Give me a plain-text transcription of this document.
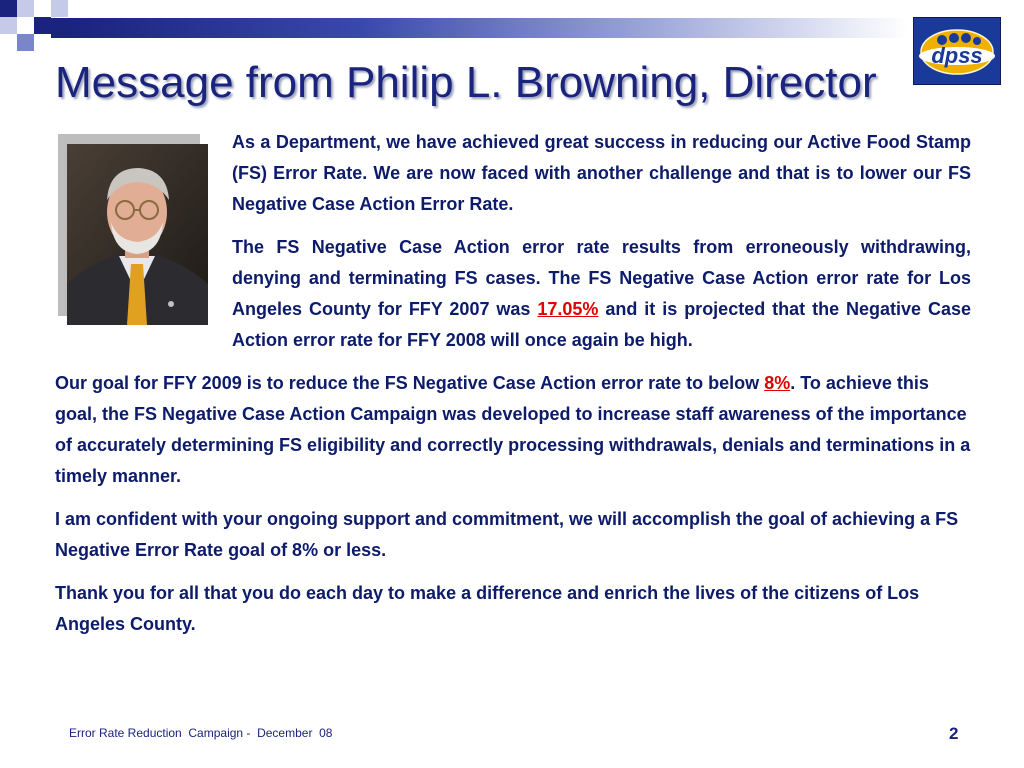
dpss
Message from Philip L. Browning, Director

As a Department, we have achieved great success in reducing our Active Food Stamp (FS) Error Rate. We are now faced with another challenge and that is to lower our FS Negative Case Action Error Rate.

The FS Negative Case Action error rate results from erroneously withdrawing, denying and terminating FS cases. The FS Negative Case Action error rate for Los Angeles County for FFY 2007 was 17.05% and it is projected that the Negative Case Action error rate for FFY 2008 will once again be high.

Our goal for FFY 2009 is to reduce the FS Negative Case Action error rate to below 8%. To achieve this goal, the FS Negative Case Action Campaign was developed to increase staff awareness of the importance of accurately determining FS eligibility and correctly processing withdrawals, denials and terminations in a timely manner.

I am confident with your ongoing support and commitment, we will accomplish the goal of achieving a FS Negative Error Rate goal of 8% or less.

Thank you for all that you do each day to make a difference and enrich the lives of the citizens of Los Angeles County.

Error Rate Reduction  Campaign -  December  08	2
